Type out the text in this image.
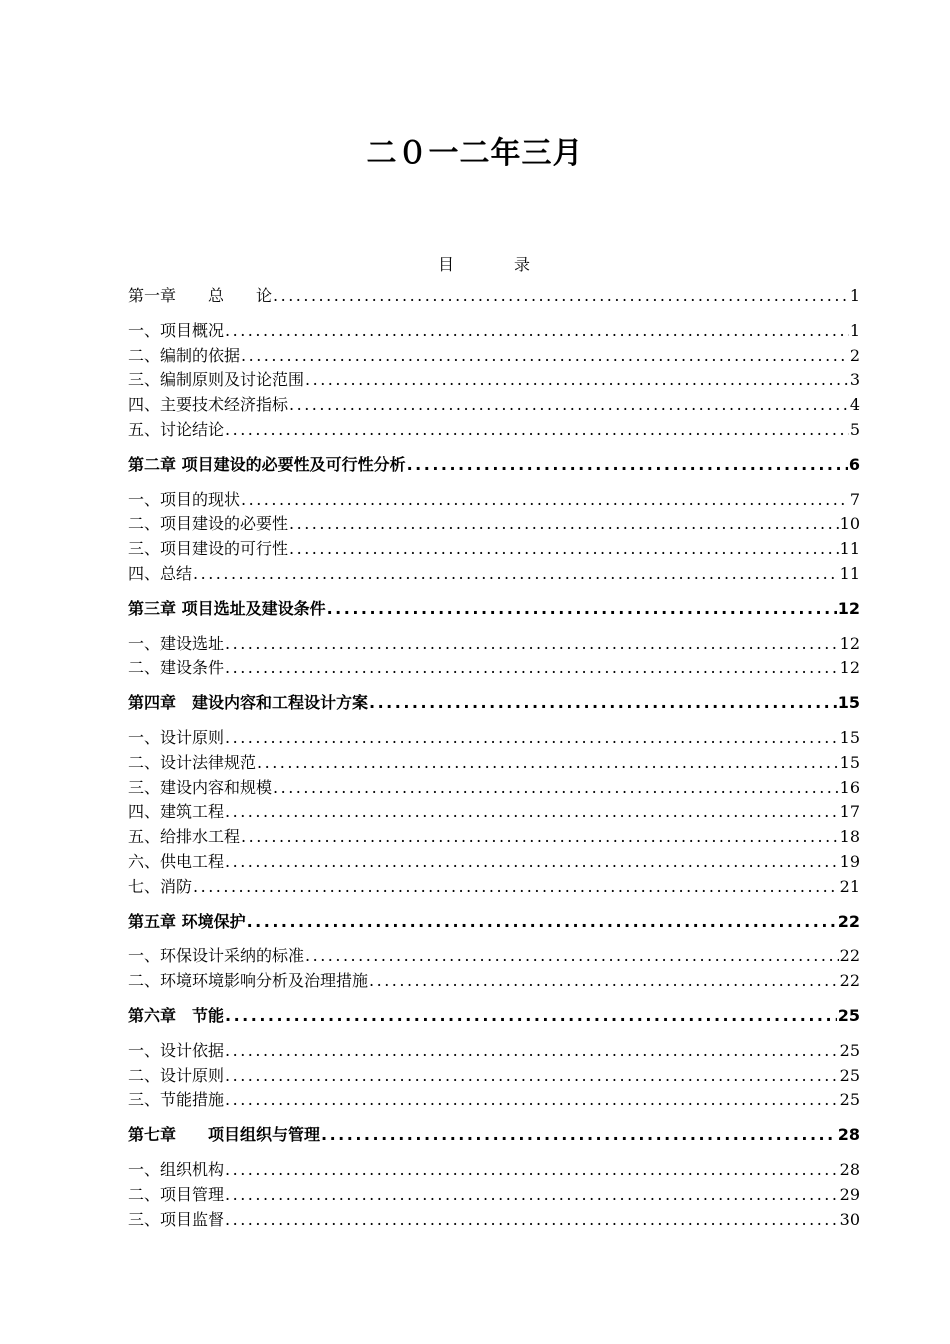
二０一二年三月
目　录
第一章　　总　　论 .....	1
一、项目概况 .....	1
二、编制的依据 .....	2
三、编制原则及讨论范围 .....	3
四、主要技术经济指标 .....	4
五、讨论结论 .....	5
第二章 项目建设的必要性及可行性分析 .....	6
一、项目的现状 .....	7
二、项目建设的必要性 .....	10
三、项目建设的可行性 .....	11
四、总结 .....	11
第三章 项目选址及建设条件 .....	12
一、建设选址 .....	12
二、建设条件 .....	12
第四章　建设内容和工程设计方案 .....	15
一、设计原则 .....	15
二、设计法律规范 .....	15
三、建设内容和规模 .....	16
四、建筑工程 .....	17
五、给排水工程 .....	18
六、供电工程 .....	19
七、消防 .....	21
第五章 环境保护 .....	22
一、环保设计采纳的标准 .....	22
二、环境环境影响分析及治理措施 .....	22
第六章　节能 .....	25
一、设计依据 .....	25
二、设计原则 .....	25
三、节能措施 .....	25
第七章　　项目组织与管理 .....	28
一、组织机构 .....	28
二、项目管理 .....	29
三、项目监督 .....	30
